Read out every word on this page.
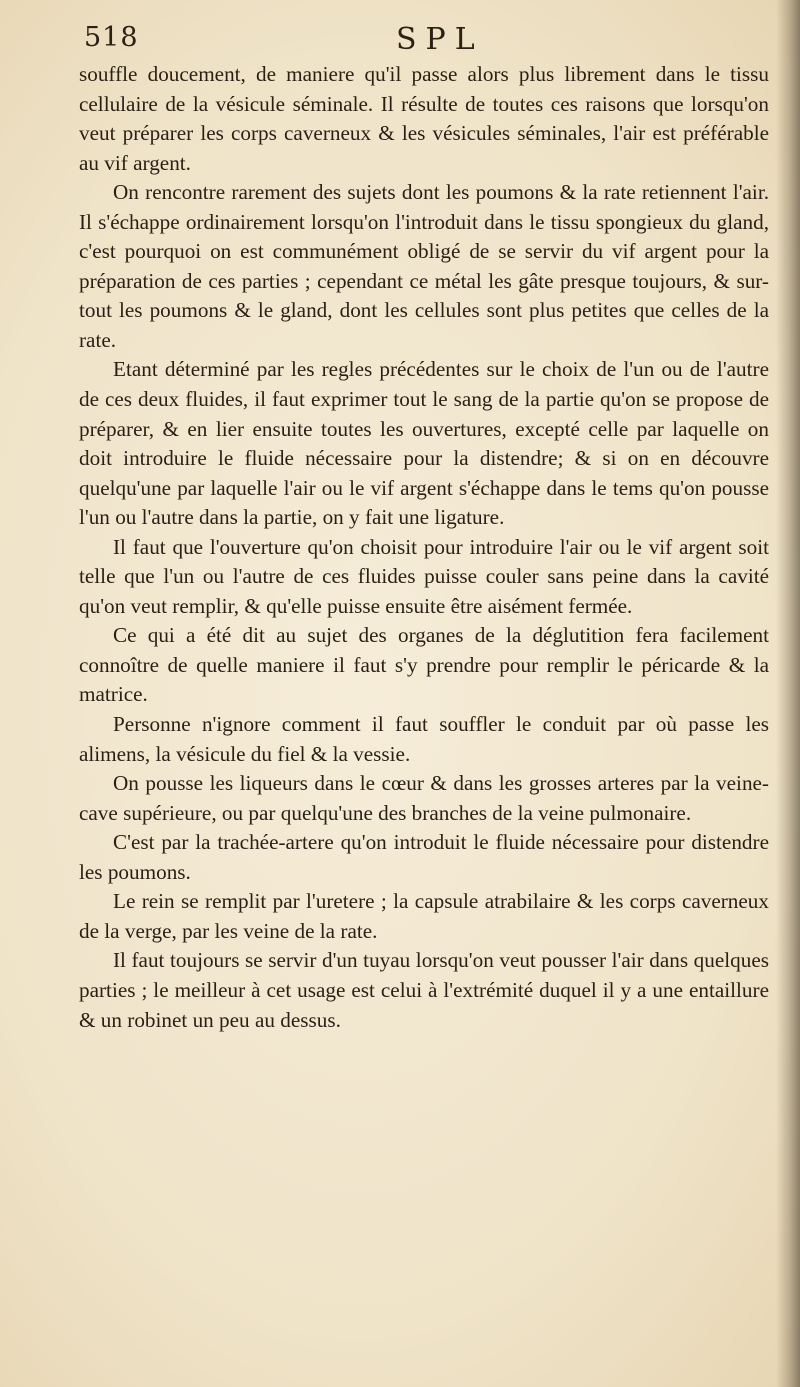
518	SPL

souffle doucement, de maniere qu'il passe alors plus librement dans le tissu cellulaire de la vésicule séminale. Il résulte de toutes ces raisons que lorsqu'on veut préparer les corps caverneux & les vésicules séminales, l'air est préférable au vif argent.

On rencontre rarement des sujets dont les poumons & la rate retiennent l'air. Il s'échappe ordinairement lorsqu'on l'introduit dans le tissu spongieux du gland, c'est pourquoi on est communément obligé de se servir du vif argent pour la préparation de ces parties ; cependant ce métal les gâte presque toujours, & sur-tout les poumons & le gland, dont les cellules sont plus petites que celles de la rate.

Etant déterminé par les regles précédentes sur le choix de l'un ou de l'autre de ces deux fluides, il faut exprimer tout le sang de la partie qu'on se propose de préparer, & en lier ensuite toutes les ouvertures, excepté celle par laquelle on doit introduire le fluide nécessaire pour la distendre; & si on en découvre quelqu'une par laquelle l'air ou le vif argent s'échappe dans le tems qu'on pousse l'un ou l'autre dans la partie, on y fait une ligature.

Il faut que l'ouverture qu'on choisit pour introduire l'air ou le vif argent soit telle que l'un ou l'autre de ces fluides puisse couler sans peine dans la cavité qu'on veut remplir, & qu'elle puisse ensuite être aisément fermée.

Ce qui a été dit au sujet des organes de la déglutition fera facilement connoître de quelle maniere il faut s'y prendre pour remplir le péricarde & la matrice.

Personne n'ignore comment il faut souffler le conduit par où passe les alimens, la vésicule du fiel & la vessie.

On pousse les liqueurs dans le cœur & dans les grosses arteres par la veine-cave supérieure, ou par quelqu'une des branches de la veine pulmonaire.

C'est par la trachée-artere qu'on introduit le fluide nécessaire pour distendre les poumons.

Le rein se remplit par l'uretere ; la capsule atrabilaire & les corps caverneux de la verge, par les veine de la rate.

Il faut toujours se servir d'un tuyau lorsqu'on veut pousser l'air dans quelques parties ; le meilleur à cet usage est celui à l'extrémité duquel il y a une entaillure & un robinet un peu au dessus.
